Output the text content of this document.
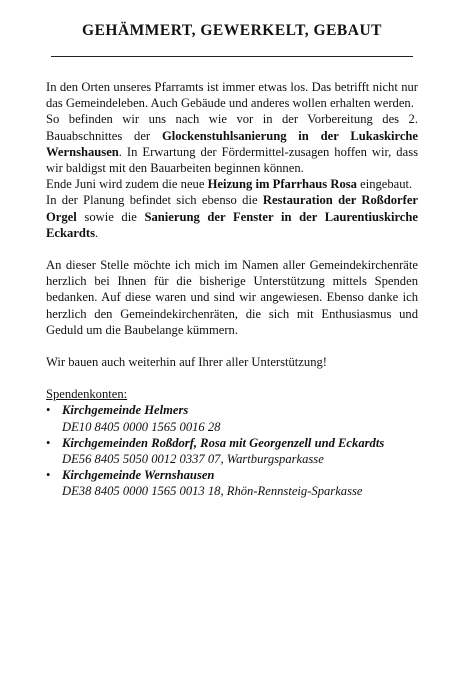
GEHÄMMERT, GEWERKELT, GEBAUT

In den Orten unseres Pfarramts ist immer etwas los. Das betrifft nicht nur das Gemeindeleben. Auch Gebäude und anderes wollen erhalten werden.

So befinden wir uns nach wie vor in der Vorbereitung des 2. Bauabschnittes der Glockenstuhlsanierung in der Lukaskirche Wernshausen. In Erwartung der Fördermittel-zusagen hoffen wir, dass wir baldigst mit den Bauarbeiten beginnen können.

Ende Juni wird zudem die neue Heizung im Pfarrhaus Rosa eingebaut.

In der Planung befindet sich ebenso die Restauration der Roßdorfer Orgel sowie die Sanierung der Fenster in der Laurentiuskirche Eckardts.

An dieser Stelle möchte ich mich im Namen aller Gemeindekirchenräte herzlich bei Ihnen für die bisherige Unterstützung mittels Spenden bedanken. Auf diese waren und sind wir angewiesen. Ebenso danke ich herzlich den Gemeindekirchenräten, die sich mit Enthusiasmus und Geduld um die Baubelange kümmern.

Wir bauen auch weiterhin auf Ihrer aller Unterstützung!

Spendenkonten:

• Kirchgemeinde Helmers
DE10 8405 0000 1565 0016 28
• Kirchgemeinden Roßdorf, Rosa mit Georgenzell und Eckardts
DE56 8405 5050 0012 0337 07, Wartburgsparkasse
• Kirchgemeinde Wernshausen
DE38 8405 0000 1565 0013 18, Rhön-Rennsteig-Sparkasse
